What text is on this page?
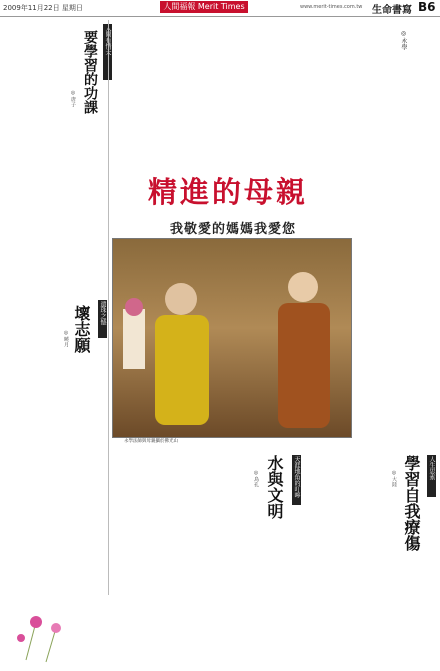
2009年11月22日 星期日	人間福報 Merit Times	www.merit-times.com.tw 生命書寫 B6
要學習的功課
◎唐子
遺珠之憾
壞志願
◎曉月
◎永學
精進的母親
我敬愛的媽媽我愛您
永學法師與母親攝於佛光山
天涯地角的叮嚀
水與文明
◎鳥孔	人生思索
學習自我療傷
◎大陸
